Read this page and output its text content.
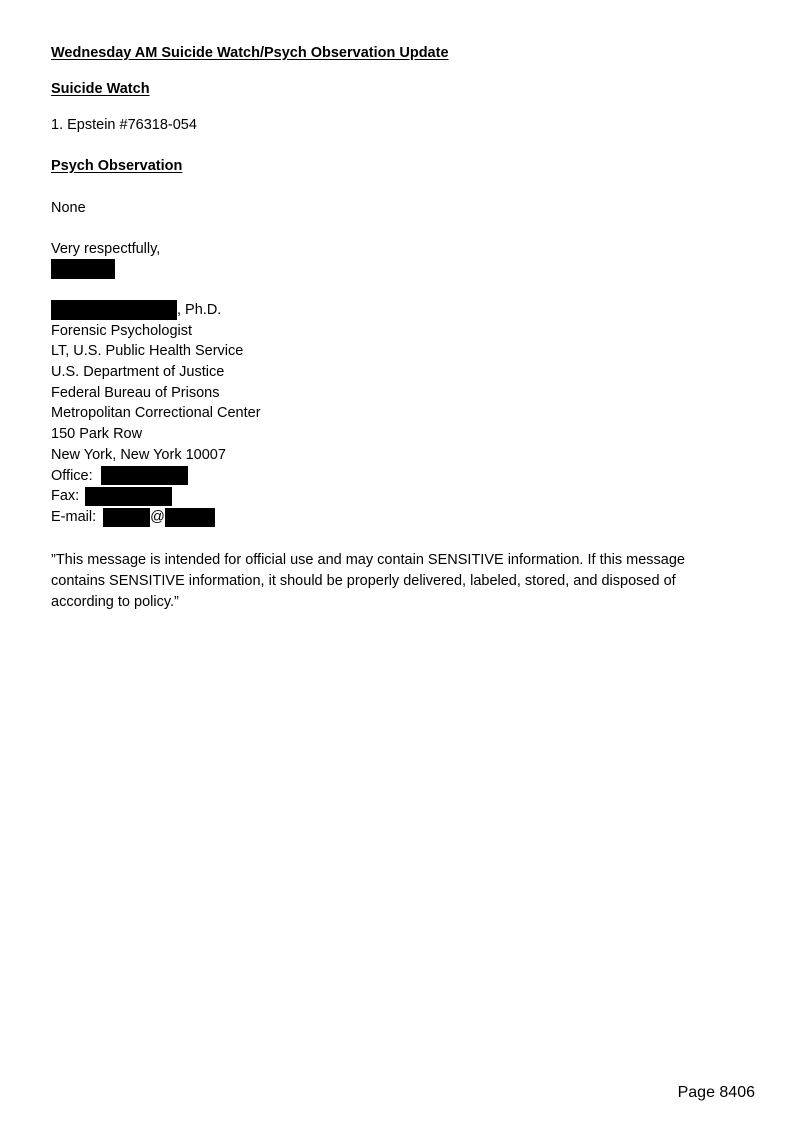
Wednesday AM Suicide Watch/Psych Observation Update
Suicide Watch
1. Epstein #76318-054
Psych Observation
None
Very respectfully,
, Ph.D.
Forensic Psychologist
LT, U.S. Public Health Service
U.S. Department of Justice
Federal Bureau of Prisons
Metropolitan Correctional Center
150 Park Row
New York, New York 10007
Office:
Fax:
E-mail:	@
”This message is intended for official use and may contain SENSITIVE information. If this message contains SENSITIVE information, it should be properly delivered, labeled, stored, and disposed of according to policy.”
Page 8406
